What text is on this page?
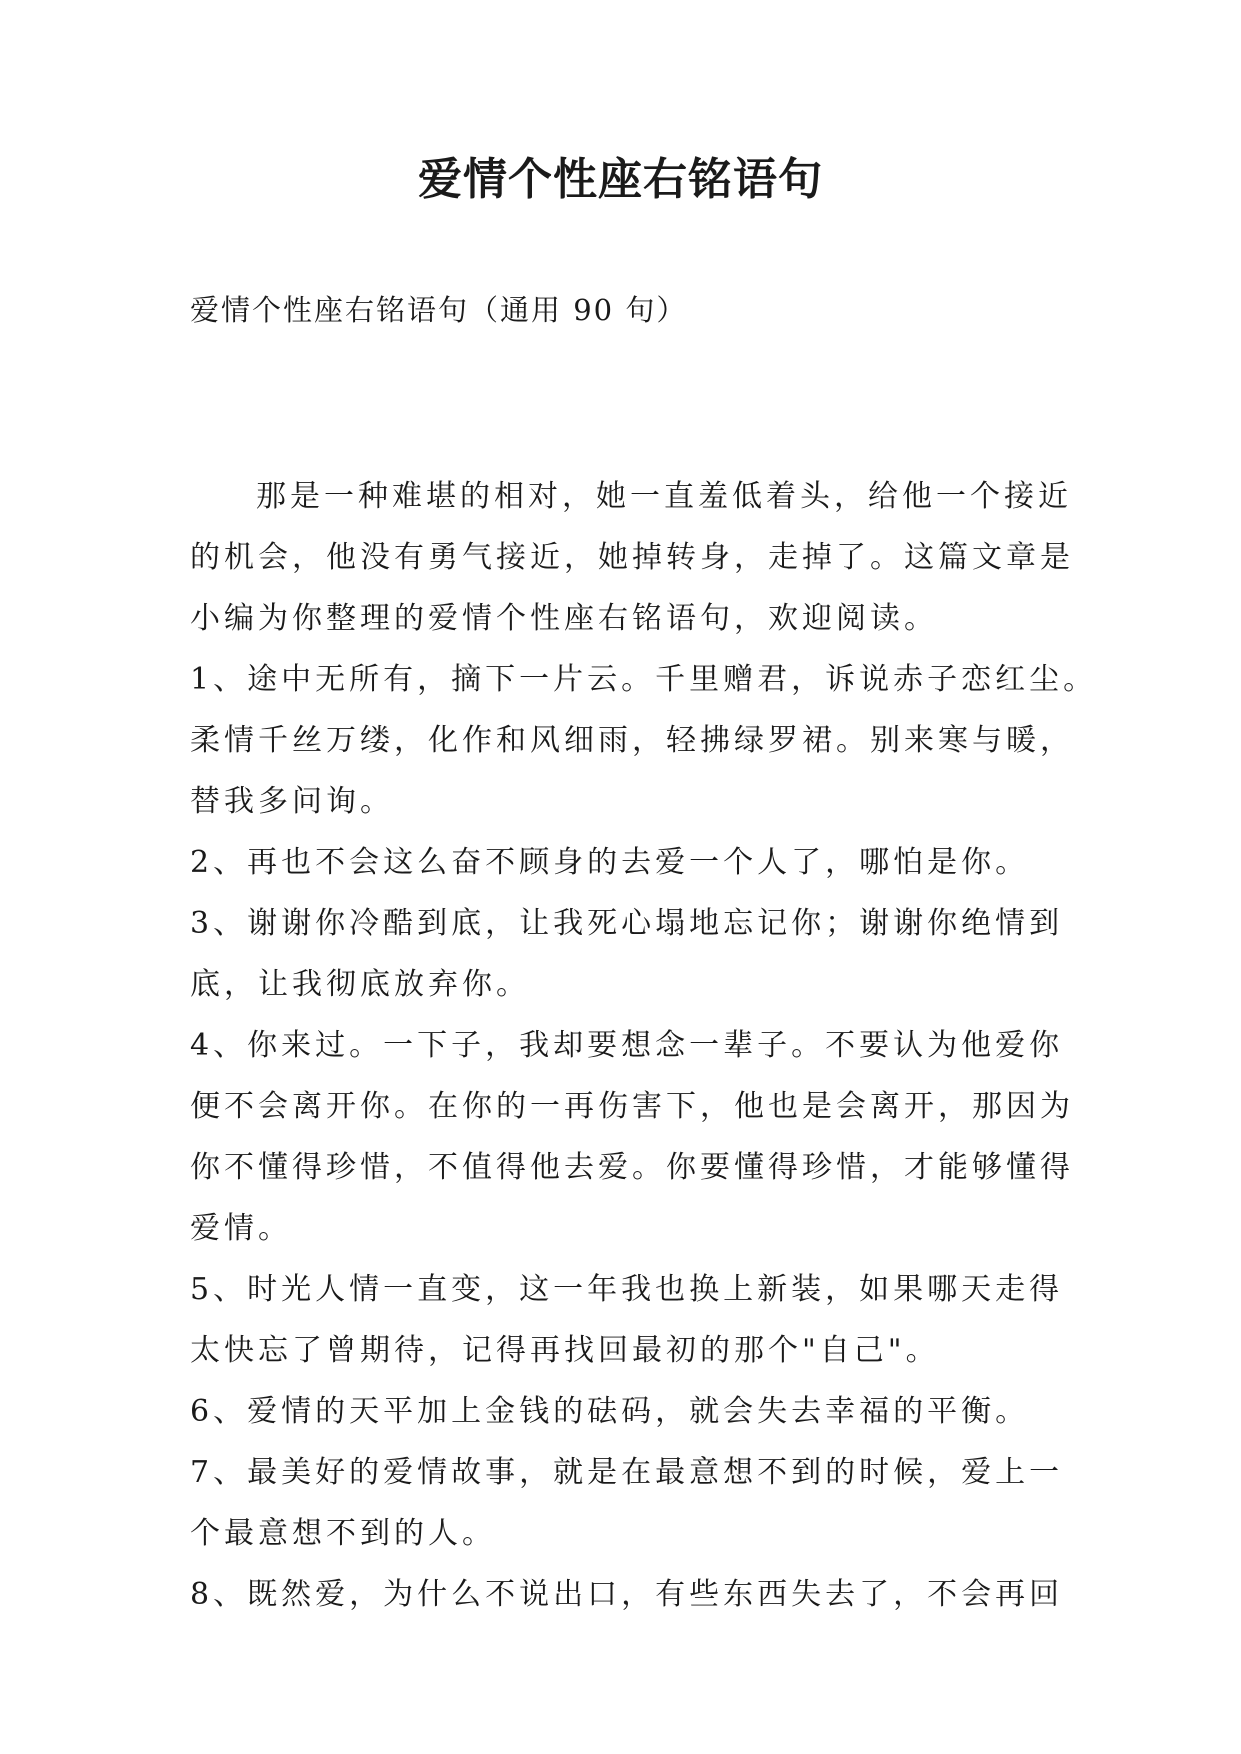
爱情个性座右铭语句
爱情个性座右铭语句（通用 90 句）
那是一种难堪的相对，她一直羞低着头，给他一个接近
的机会，他没有勇气接近，她掉转身，走掉了。这篇文章是
小编为你整理的爱情个性座右铭语句，欢迎阅读。
1、途中无所有，摘下一片云。千里赠君，诉说赤子恋红尘。
柔情千丝万缕，化作和风细雨，轻拂绿罗裙。别来寒与暖，
替我多问询。
2、再也不会这么奋不顾身的去爱一个人了，哪怕是你。
3、谢谢你冷酷到底，让我死心塌地忘记你；谢谢你绝情到
底，让我彻底放弃你。
4、你来过。一下子，我却要想念一辈子。不要认为他爱你
便不会离开你。在你的一再伤害下，他也是会离开，那因为
你不懂得珍惜，不值得他去爱。你要懂得珍惜，才能够懂得
爱情。
5、时光人情一直变，这一年我也换上新装，如果哪天走得
太快忘了曾期待，记得再找回最初的那个"自己"。
6、爱情的天平加上金钱的砝码，就会失去幸福的平衡。
7、最美好的爱情故事，就是在最意想不到的时候，爱上一
个最意想不到的人。
8、既然爱，为什么不说出口，有些东西失去了，不会再回
